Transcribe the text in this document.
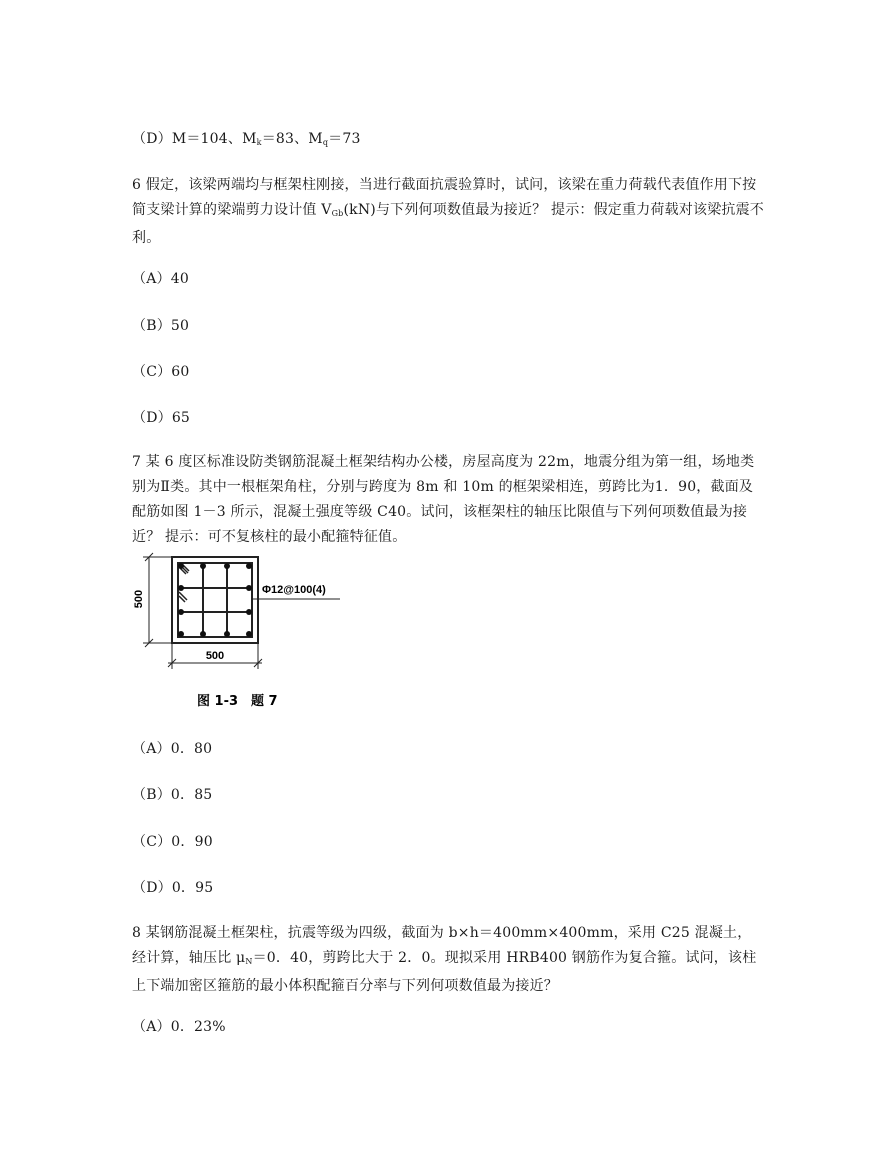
（D）M＝104、$M_k=83$、$M_q=73$
6 假定，该梁两端均与框架柱刚接，当进行截面抗震验算时，试问，该梁在重力荷载代表值作用下按简支梁计算的梁端剪力设计值 $V_{Gb}(kN)$与下列何项数值最为接近？ 提示：假定重力荷载对该梁抗震不利。
（A）40
（B）50
（C）60
（D）65
7 某 6 度区标准设防类钢筋混凝土框架结构办公楼，房屋高度为 22m，地震分组为第一组，场地类别为Ⅱ类。其中一根框架角柱，分别与跨度为 8m 和 10m 的框架梁相连，剪跨比为1．90，截面及配筋如图 1－3 所示，混凝土强度等级 C40。试问，该框架柱的轴压比限值与下列何项数值最为接近？ 提示：可不复核柱的最小配箍特征值。
500	Φ12@100(4)
500
图 1-3　题 7
（A）0．80
（B）0．85
（C）0．90
（D）0．95
8 某钢筋混凝土框架柱，抗震等级为四级，截面为 b×h＝400mm×400mm，采用 C25 混凝土，经计算，轴压比 $\mu_N=0$．40，剪跨比大于 2．0。现拟采用 HRB400 钢筋作为复合箍。试问，该柱上下端加密区箍筋的最小体积配箍百分率与下列何项数值最为接近？
（A）0．23%
